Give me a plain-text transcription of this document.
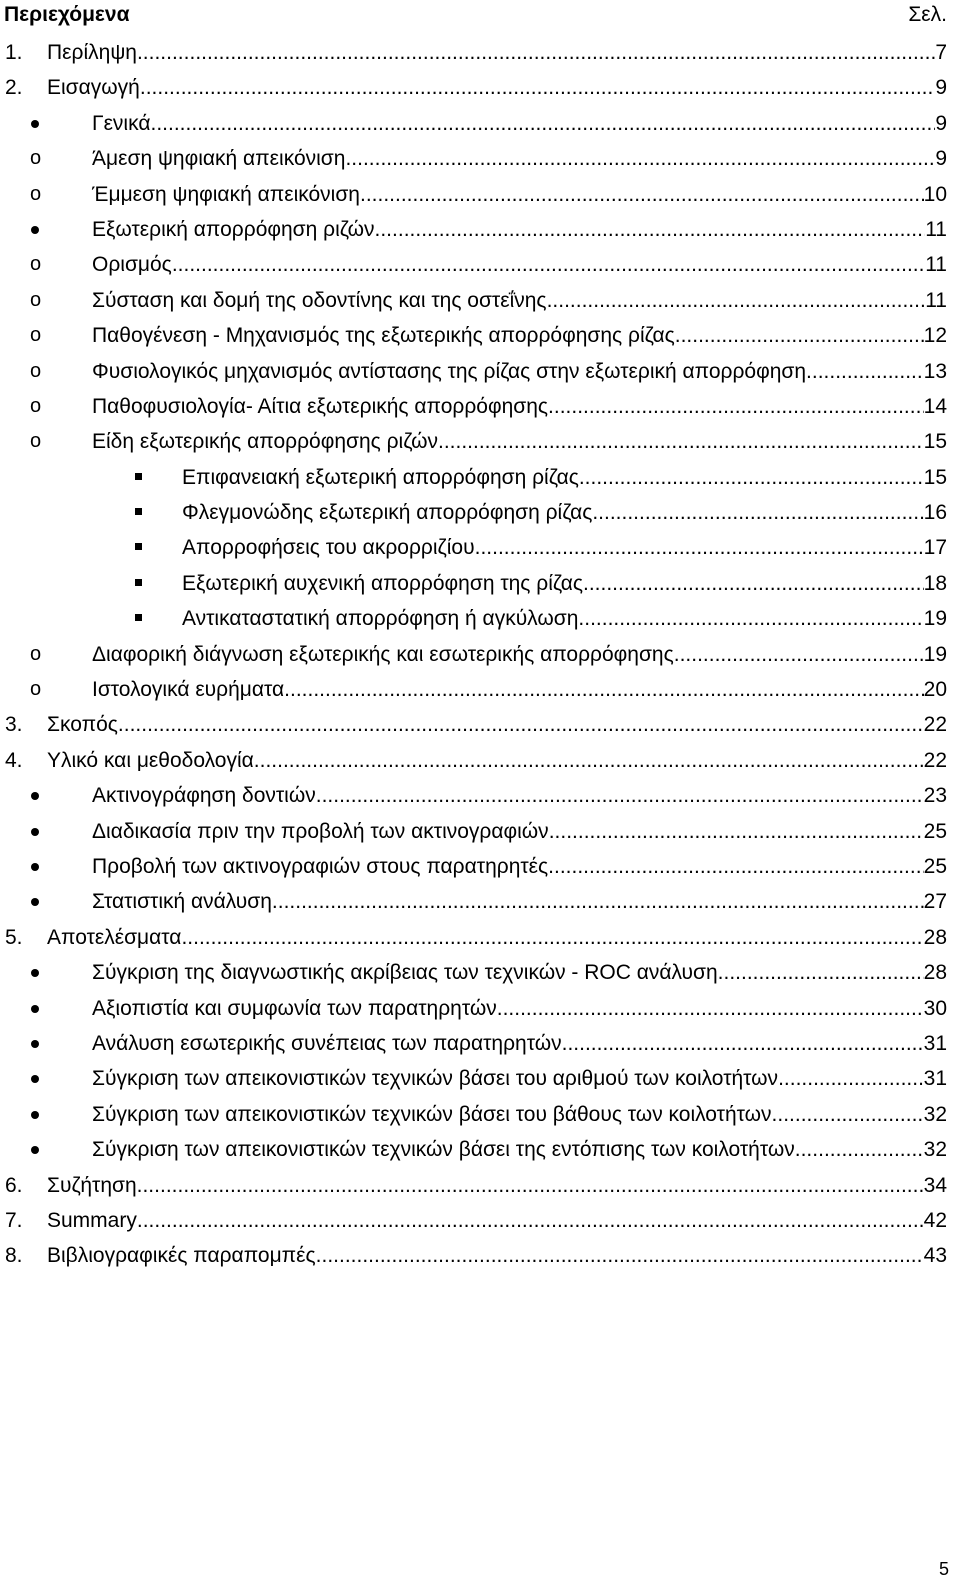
Περιεχόμενα	Σελ.
1. Περίληψη .....	7
2. Εισαγωγή .....	9
Γενικά .....	9
o Άμεση ψηφιακή απεικόνιση .....	9
o Έμμεση ψηφιακή απεικόνιση .....	10
Εξωτερική απορρόφηση ριζών .....	11
o Ορισμός .....	11
o Σύσταση και δομή της οδοντίνης και της οστεΐνης .....	11
o Παθογένεση - Μηχανισμός της εξωτερικής απορρόφησης ρίζας .....	12
o Φυσιολογικός μηχανισμός αντίστασης της ρίζας στην εξωτερική απορρόφηση. .....	13
o Παθοφυσιολογία- Αίτια εξωτερικής απορρόφησης .....	14
o Είδη εξωτερικής απορρόφησης ριζών .....	15
Επιφανειακή εξωτερική απορρόφηση ρίζας .....	15
Φλεγμονώδης εξωτερική απορρόφηση ρίζας .....	16
Απορροφήσεις του ακρορριζίου .....	17
Εξωτερική αυχενική απορρόφηση της ρίζας .....	18
Αντικαταστατική απορρόφηση ή αγκύλωση .....	19
o Διαφορική διάγνωση εξωτερικής και εσωτερικής απορρόφησης .....	19
o Ιστολογικά ευρήματα .....	20
3. Σκοπός .....	22
4. Υλικό και μεθοδολογία .....	22
Ακτινογράφηση δοντιών .....	23
Διαδικασία πριν την προβολή των ακτινογραφιών .....	25
Προβολή των ακτινογραφιών στους παρατηρητές .....	25
Στατιστική ανάλυση .....	27
5. Αποτελέσματα .....	28
Σύγκριση της διαγνωστικής ακρίβειας των τεχνικών - ROC ανάλυση .....	28
Αξιοπιστία και συμφωνία των παρατηρητών .....	30
Ανάλυση εσωτερικής συνέπειας των παρατηρητών .....	31
Σύγκριση των απεικονιστικών τεχνικών βάσει του αριθμού των κοιλοτήτων .....	31
Σύγκριση των απεικονιστικών τεχνικών βάσει του βάθους των κοιλοτήτων .....	32
Σύγκριση των απεικονιστικών τεχνικών βάσει της εντόπισης των κοιλοτήτων .....	32
6. Συζήτηση .....	34
7. Summary .....	42
8. Βιβλιογραφικές παραπομπές .....	43
5
